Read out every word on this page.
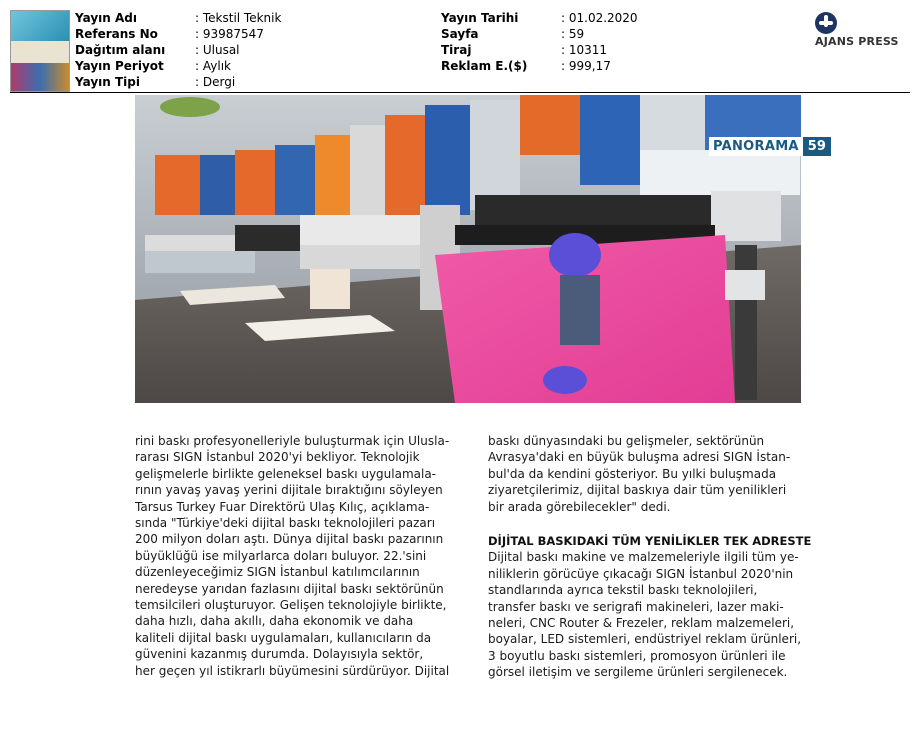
Yayın Adı	: Tekstil Teknik
Referans No	: 93987547
Dağıtım alanı : Ulusal
Yayın Periyot	: Aylık
Yayın Tipi	: Dergi
Yayın Tarihi	: 01.02.2020
Sayfa	: 59
Tiraj	: 10311
Reklam E.($)	: 999,17
AJANS PRESS
PANORAMA 59
rini baskı profesyonelleriyle buluşturmak için Ulusla-
rarası SIGN İstanbul 2020'yi bekliyor. Teknolojik
gelişmelerle birlikte geleneksel baskı uygulamala-
rının yavaş yavaş yerini dijitale bıraktığını söyleyen
Tarsus Turkey Fuar Direktörü Ulaş Kılıç, açıklama-
sında "Türkiye'deki dijital baskı teknolojileri pazarı
200 milyon doları aştı. Dünya dijital baskı pazarının
büyüklüğü ise milyarlarca doları buluyor. 22.'sini
düzenleyeceğimiz SIGN İstanbul katılımcılarının
neredeyse yarıdan fazlasını dijital baskı sektörünün
temsilcileri oluşturuyor. Gelişen teknolojiyle birlikte,
daha hızlı, daha akıllı, daha ekonomik ve daha
kaliteli dijital baskı uygulamaları, kullanıcıların da
güvenini kazanmış durumda. Dolayısıyla sektör,
her geçen yıl istikrarlı büyümesini sürdürüyor. Dijital
baskı dünyasındaki bu gelişmeler, sektörünün
Avrasya'daki en büyük buluşma adresi SIGN İstan-
bul'da da kendini gösteriyor. Bu yılki buluşmada
ziyaretçilerimiz, dijital baskıya dair tüm yenilikleri
bir arada görebilecekler" dedi.
DİJİTAL BASKIDAKİ TÜM YENİLİKLER TEK ADRESTE
Dijital baskı makine ve malzemeleriyle ilgili tüm ye-
niliklerin görücüye çıkacağı SIGN İstanbul 2020'nin
standlarında ayrıca tekstil baskı teknolojileri,
transfer baskı ve serigrafi makineleri, lazer maki-
neleri, CNC Router & Frezeler, reklam malzemeleri,
boyalar, LED sistemleri, endüstriyel reklam ürünleri,
3 boyutlu baskı sistemleri, promosyon ürünleri ile
görsel iletişim ve sergileme ürünleri sergilenecek.
